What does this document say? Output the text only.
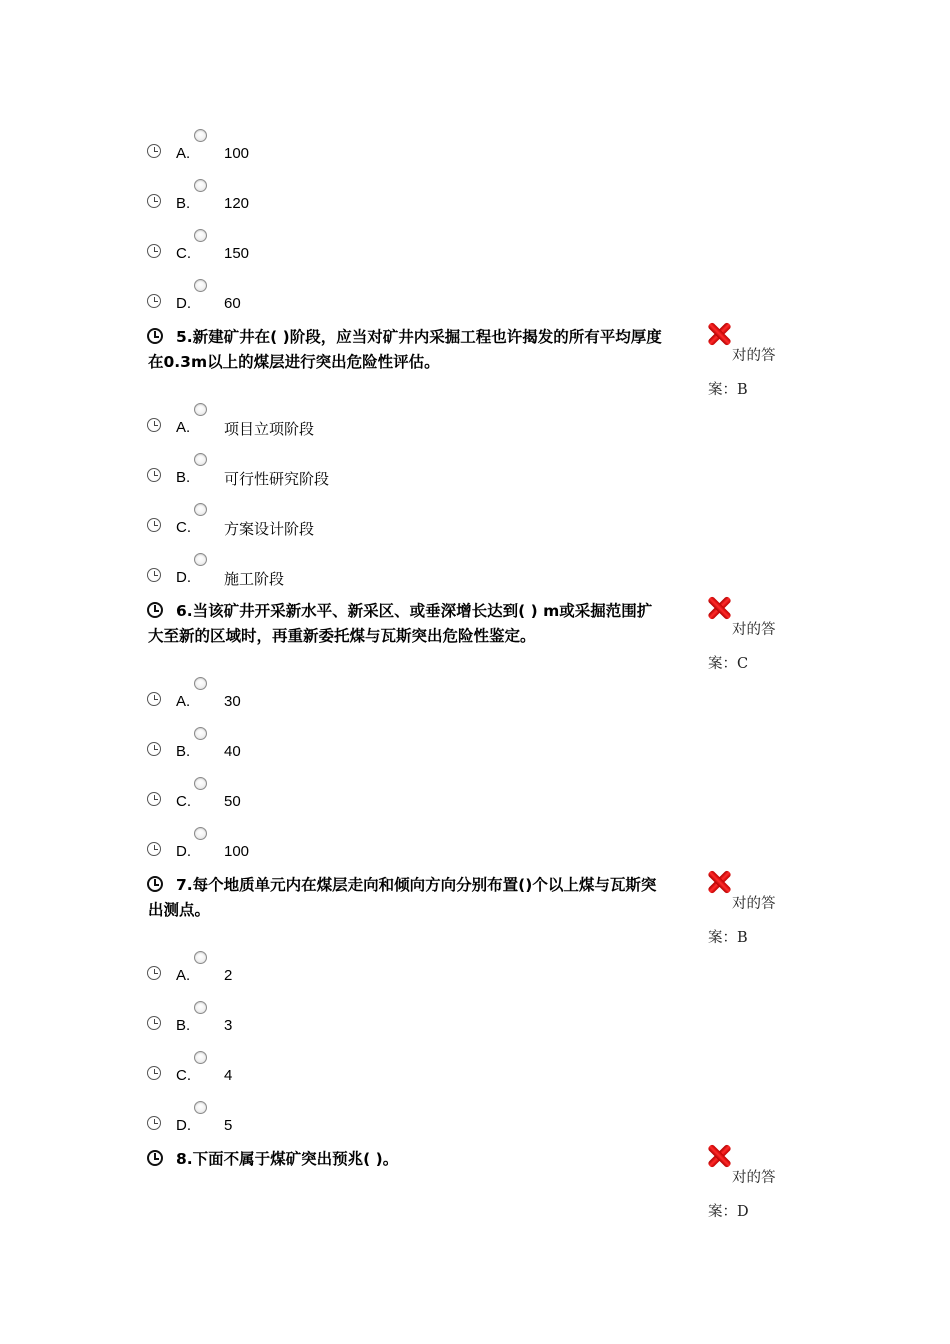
A. 100
B. 120
C. 150
D. 60
5.新建矿井在( )阶段，应当对矿井内采掘工程也许揭发的所有平均厚度
在0.3m以上的煤层进行突出危险性评估。	对的答
案：B
A. 项目立项阶段
B. 可行性研究阶段
C. 方案设计阶段
D. 施工阶段
6.当该矿井开采新水平、新采区、或垂深增长达到( ) m或采掘范围扩
大至新的区域时，再重新委托煤与瓦斯突出危险性鉴定。	对的答
案：C
A. 30
B. 40
C. 50
D. 100
7.每个地质单元内在煤层走向和倾向方向分别布置()个以上煤与瓦斯突
出测点。	对的答
案：B
A. 2
B. 3
C. 4
D. 5
8.下面不属于煤矿突出预兆( )。
对的答
案：D
